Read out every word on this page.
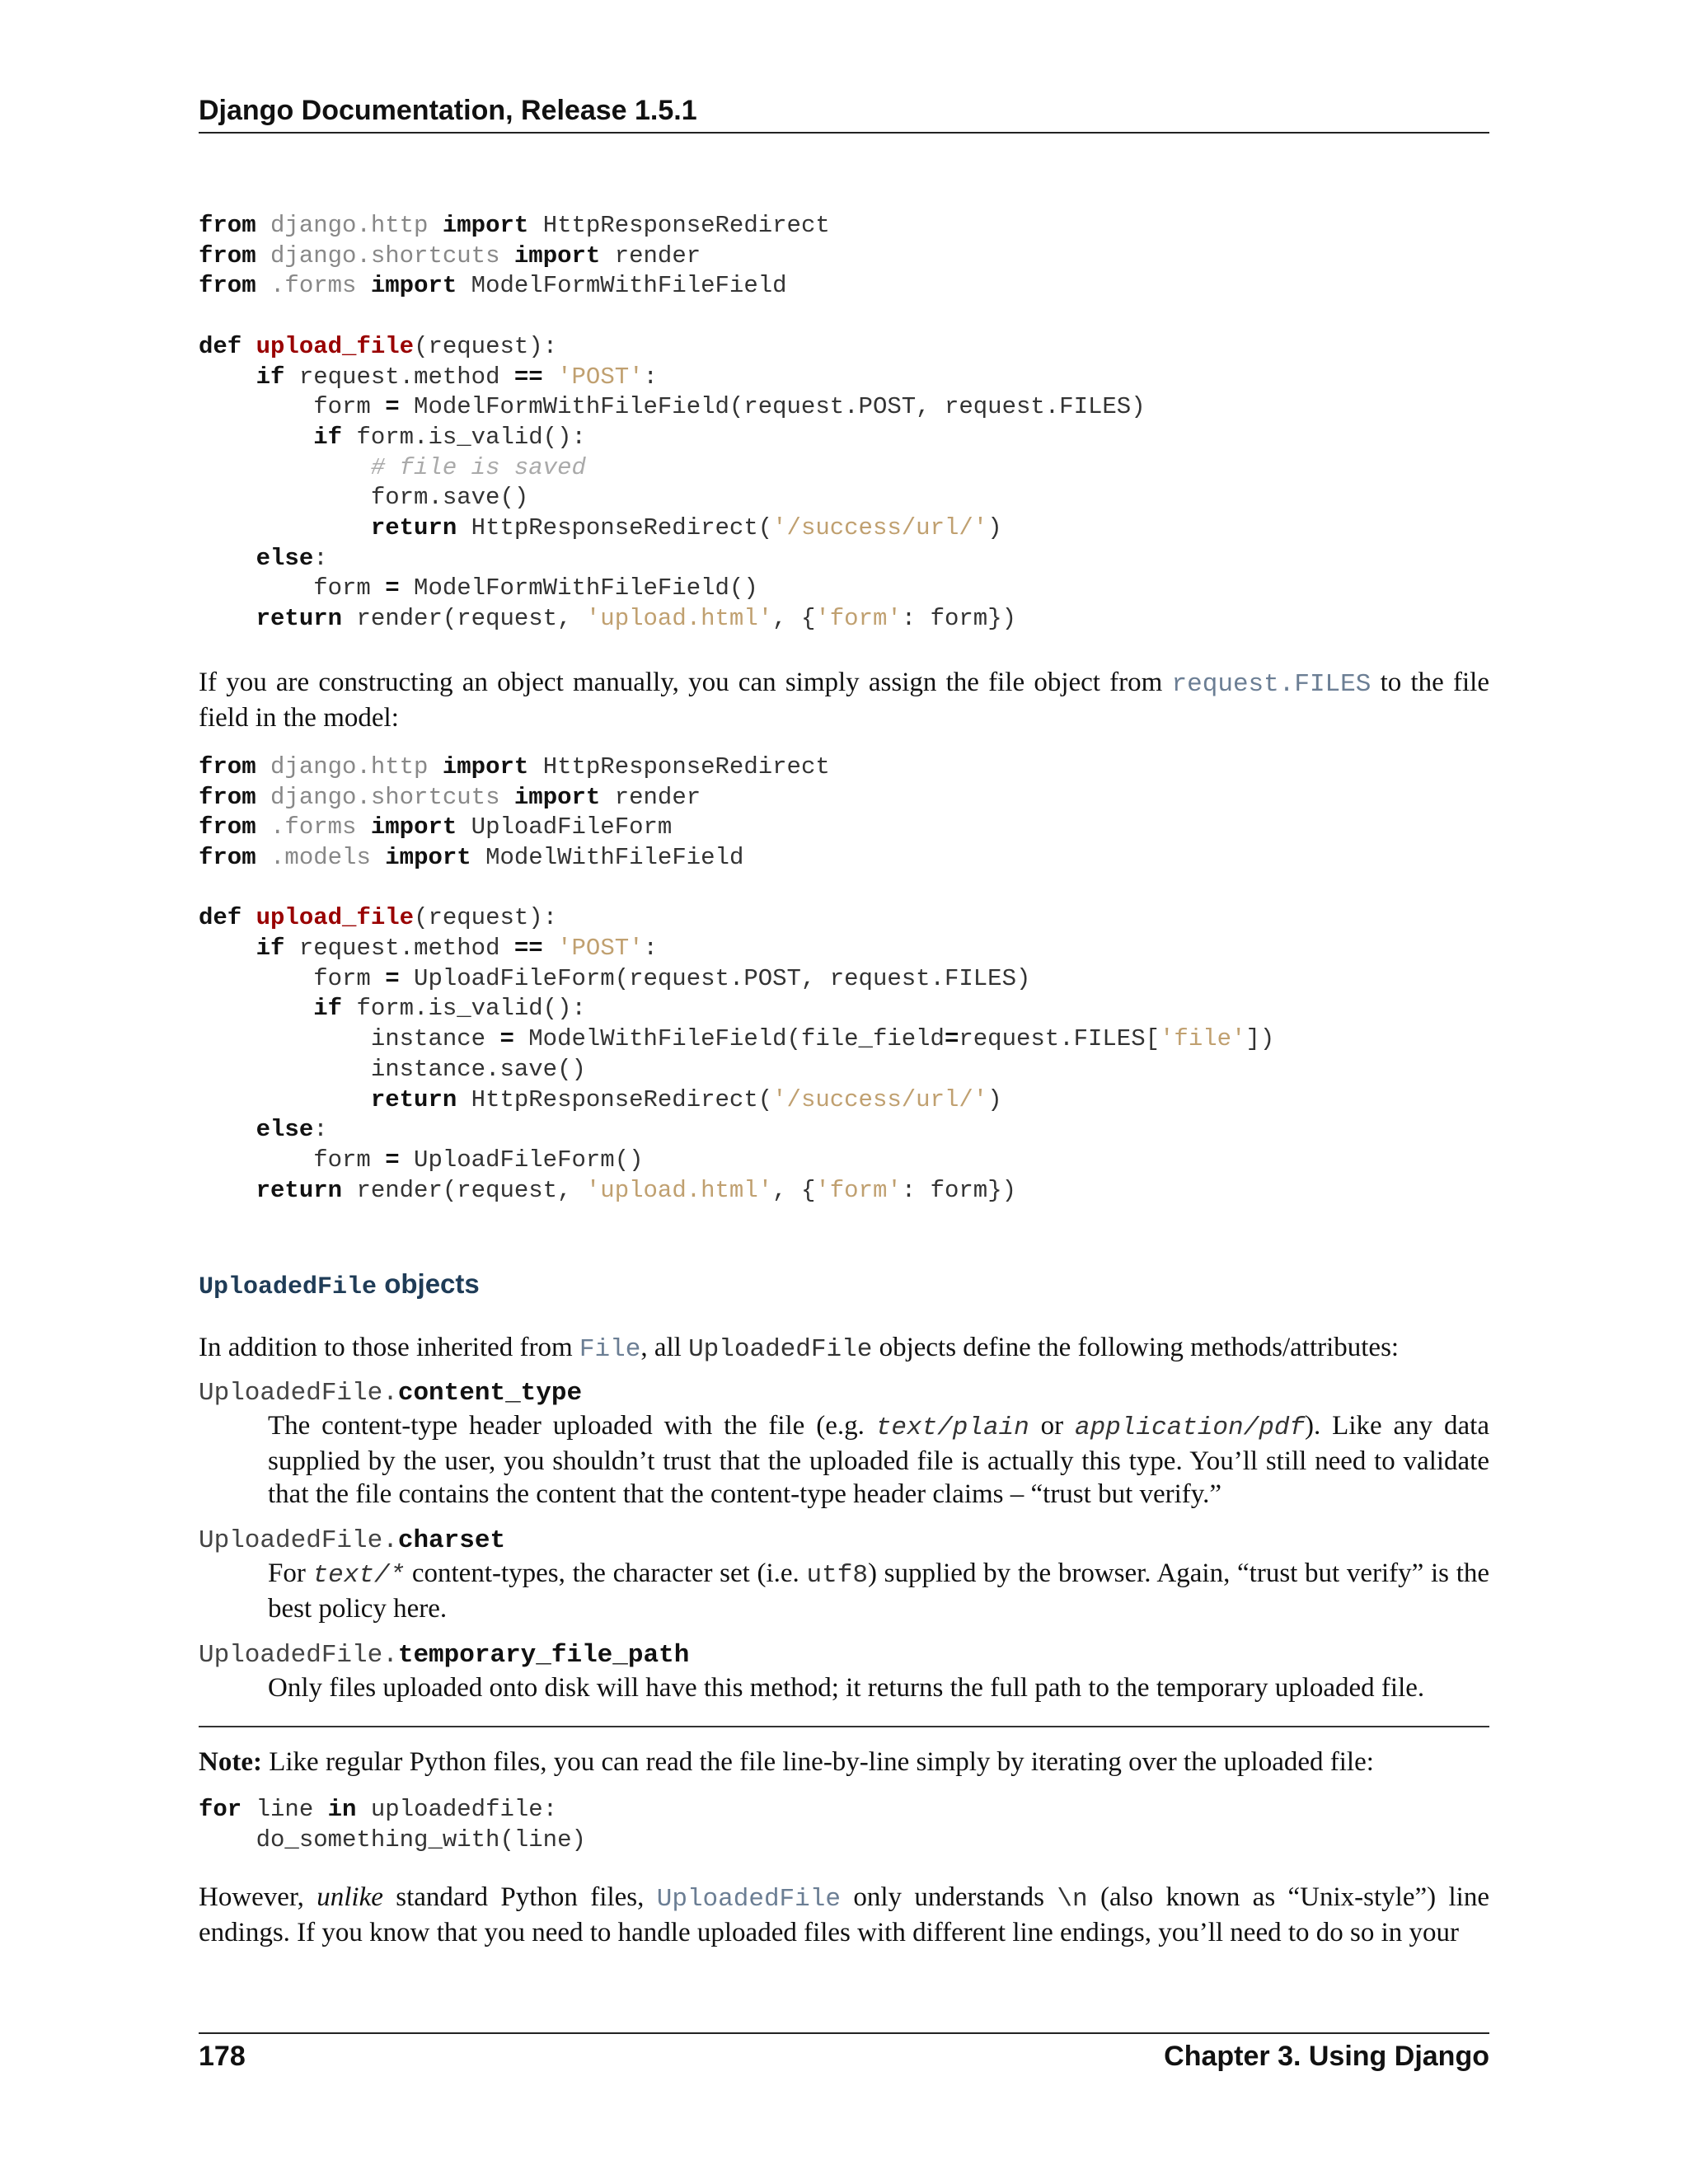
Django Documentation, Release 1.5.1
from django.http import HttpResponseRedirect
from django.shortcuts import render
from .forms import ModelFormWithFileField

def upload_file(request):
if request.method == 'POST':
form = ModelFormWithFileField(request.POST, request.FILES)
if form.is_valid():
# file is saved
form.save()
return HttpResponseRedirect('/success/url/')
else:
form = ModelFormWithFileField()
return render(request, 'upload.html', {'form': form})

If you are constructing an object manually, you can simply assign the file object from request.FILES to the file field in the model:

from django.http import HttpResponseRedirect
from django.shortcuts import render
from .forms import UploadFileForm
from .models import ModelWithFileField

def upload_file(request):
if request.method == 'POST':
form = UploadFileForm(request.POST, request.FILES)
if form.is_valid():
instance = ModelWithFileField(file_field=request.FILES['file'])
instance.save()
return HttpResponseRedirect('/success/url/')
else:
form = UploadFileForm()
return render(request, 'upload.html', {'form': form})
UploadedFile objects

In addition to those inherited from File, all UploadedFile objects define the following methods/attributes:

UploadedFile.content_type
The content-type header uploaded with the file (e.g. text/plain or application/pdf). Like any data supplied by the user, you shouldn’t trust that the uploaded file is actually this type. You’ll still need to validate that the file contains the content that the content-type header claims – “trust but verify.”
UploadedFile.charset
For text/* content-types, the character set (i.e. utf8) supplied by the browser. Again, “trust but verify” is the best policy here.
UploadedFile.temporary_file_path
Only files uploaded onto disk will have this method; it returns the full path to the temporary uploaded file.

Note: Like regular Python files, you can read the file line-by-line simply by iterating over the uploaded file:

for line in uploadedfile:
do_something_with(line)

However, unlike standard Python files, UploadedFile only understands \n (also known as “Unix-style”) line endings. If you know that you need to handle uploaded files with different line endings, you’ll need to do so in your

178	Chapter 3. Using Django
